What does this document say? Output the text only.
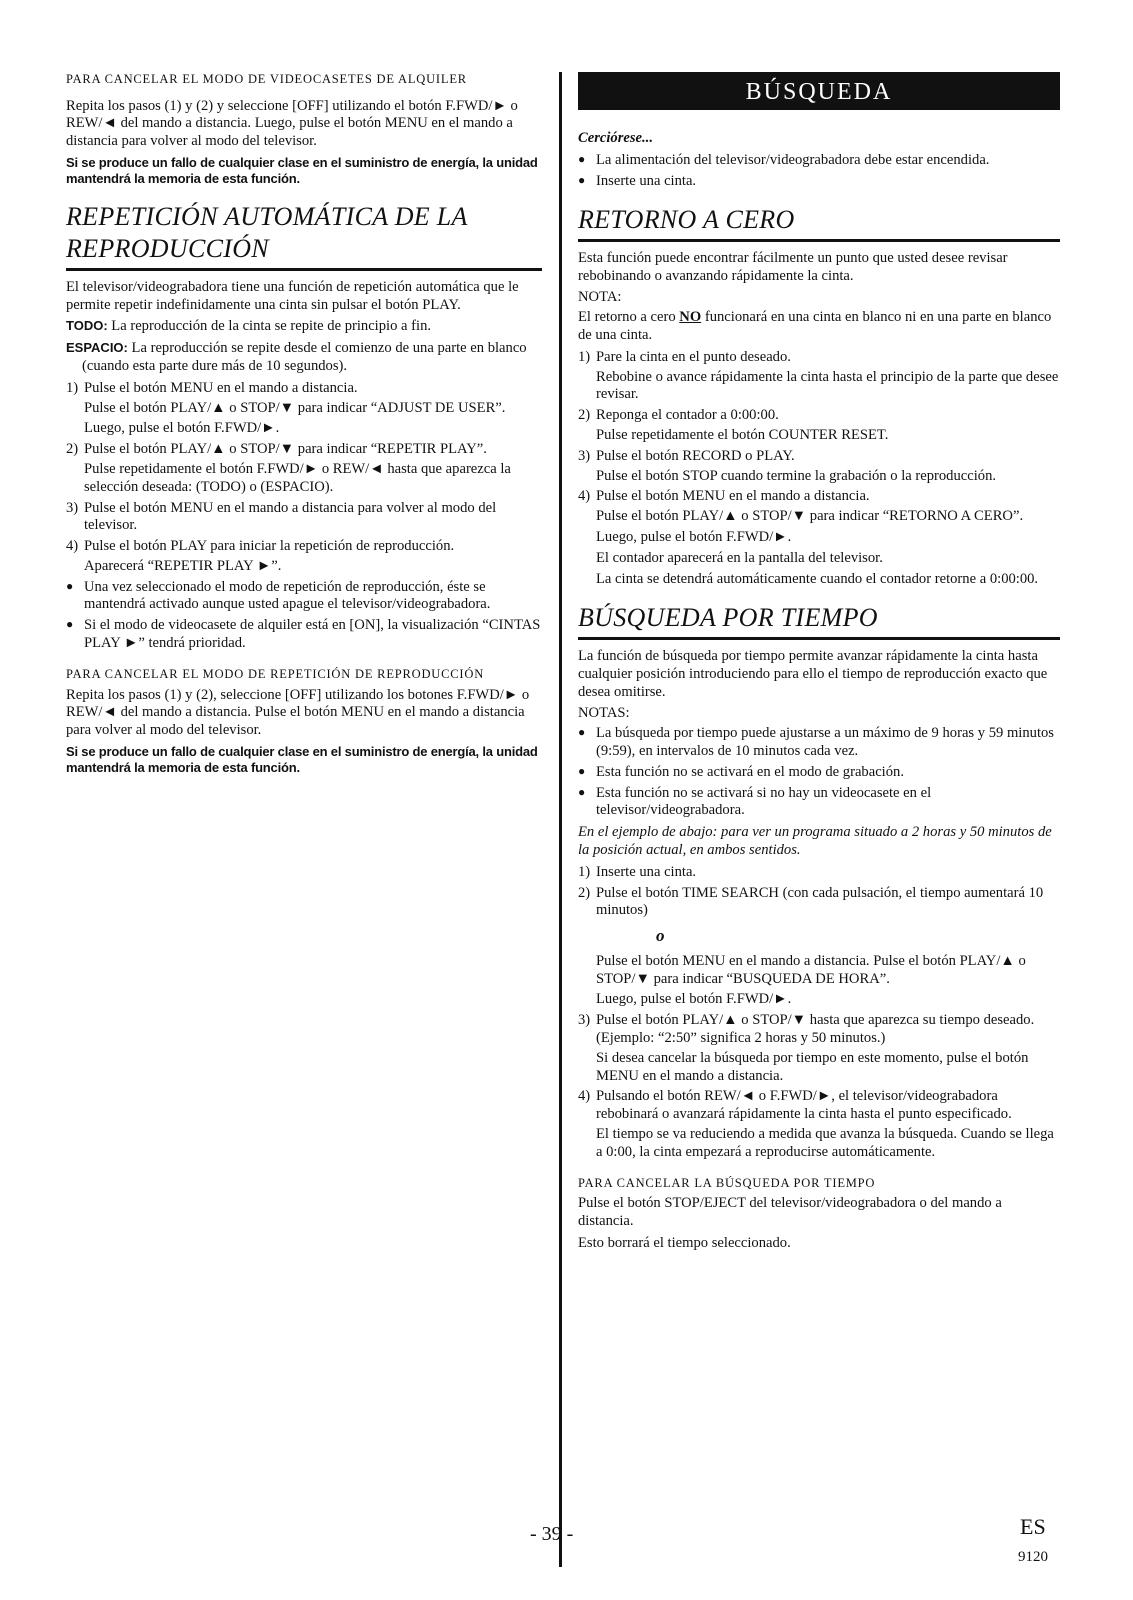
PARA CANCELAR EL MODO DE VIDEOCASETES DE ALQUILER

Repita los pasos (1) y (2) y seleccione [OFF] utilizando el botón F.FWD/► o REW/◄ del mando a distancia. Luego, pulse el botón MENU en el mando a distancia para volver al modo del televisor.

Si se produce un fallo de cualquier clase en el suministro de energía, la unidad mantendrá la memoria de esta función.

REPETICIÓN AUTOMÁTICA DE LA REPRODUCCIÓN

El televisor/videograbadora tiene una función de repetición automática que le permite repetir indefinidamente una cinta sin pulsar el botón PLAY.

TODO: La reproducción de la cinta se repite de principio a fin.

ESPACIO: La reproducción se repite desde el comienzo de una parte en blanco (cuando esta parte dure más de 10 segundos).

1) Pulse el botón MENU en el mando a distancia.

Pulse el botón PLAY/▲ o STOP/▼ para indicar “ADJUST DE USER”.

Luego, pulse el botón F.FWD/►.

2) Pulse el botón PLAY/▲ o STOP/▼ para indicar “REPETIR PLAY”.

Pulse repetidamente el botón F.FWD/► o REW/◄ hasta que aparezca la selección deseada: (TODO) o (ESPACIO).

3) Pulse el botón MENU en el mando a distancia para volver al modo del televisor.
4) Pulse el botón PLAY para iniciar la repetición de reproducción.

Aparecerá “REPETIR PLAY ►”.

● Una vez seleccionado el modo de repetición de reproducción, éste se mantendrá activado aunque usted apague el televisor/videograbadora.
● Si el modo de videocasete de alquiler está en [ON], la visualización “CINTAS PLAY ►” tendrá prioridad.
PARA CANCELAR EL MODO DE REPETICIÓN DE REPRODUCCIÓN

Repita los pasos (1) y (2), seleccione [OFF] utilizando los botones F.FWD/► o REW/◄ del mando a distancia. Pulse el botón MENU en el mando a distancia para volver al modo del televisor.

Si se produce un fallo de cualquier clase en el suministro de energía, la unidad mantendrá la memoria de esta función.

BÚSQUEDA

Cerciórese...

● La alimentación del televisor/videograbadora debe estar encendida.
● Inserte una cinta.
RETORNO A CERO

Esta función puede encontrar fácilmente un punto que usted desee revisar rebobinando o avanzando rápidamente la cinta.

NOTA:

El retorno a cero NO funcionará en una cinta en blanco ni en una parte en blanco de una cinta.

1) Pare la cinta en el punto deseado.

Rebobine o avance rápidamente la cinta hasta el principio de la parte que desee revisar.

2) Reponga el contador a 0:00:00.

Pulse repetidamente el botón COUNTER RESET.

3) Pulse el botón RECORD o PLAY.

Pulse el botón STOP cuando termine la grabación o la reproducción.

4) Pulse el botón MENU en el mando a distancia.

Pulse el botón PLAY/▲ o STOP/▼ para indicar “RETORNO A CERO”.

Luego, pulse el botón F.FWD/►.

El contador aparecerá en la pantalla del televisor.

La cinta se detendrá automáticamente cuando el contador retorne a 0:00:00.

BÚSQUEDA POR TIEMPO

La función de búsqueda por tiempo permite avanzar rápidamente la cinta hasta cualquier posición introduciendo para ello el tiempo de reproducción exacto que desea omitirse.

NOTAS:

● La búsqueda por tiempo puede ajustarse a un máximo de 9 horas y 59 minutos (9:59), en intervalos de 10 minutos cada vez.
● Esta función no se activará en el modo de grabación.
● Esta función no se activará si no hay un videocasete en el televisor/videograbadora.

En el ejemplo de abajo: para ver un programa situado a 2 horas y 50 minutos de la posición actual, en ambos sentidos.

1) Inserte una cinta.
2) Pulse el botón TIME SEARCH (con cada pulsación, el tiempo aumentará 10 minutos)
o

Pulse el botón MENU en el mando a distancia. Pulse el botón PLAY/▲ o STOP/▼ para indicar “BUSQUEDA DE HORA”.

Luego, pulse el botón F.FWD/►.

3) Pulse el botón PLAY/▲ o STOP/▼ hasta que aparezca su tiempo deseado. (Ejemplo: “2:50” significa 2 horas y 50 minutos.)

Si desea cancelar la búsqueda por tiempo en este momento, pulse el botón MENU en el mando a distancia.

4) Pulsando el botón REW/◄ o F.FWD/►, el televisor/videograbadora rebobinará o avanzará rápidamente la cinta hasta el punto especificado.

El tiempo se va reduciendo a medida que avanza la búsqueda. Cuando se llega a 0:00, la cinta empezará a reproducirse automáticamente.

PARA CANCELAR LA BÚSQUEDA POR TIEMPO

Pulse el botón STOP/EJECT del televisor/videograbadora o del mando a distancia.

Esto borrará el tiempo seleccionado.

- 39 -	ES
9120
